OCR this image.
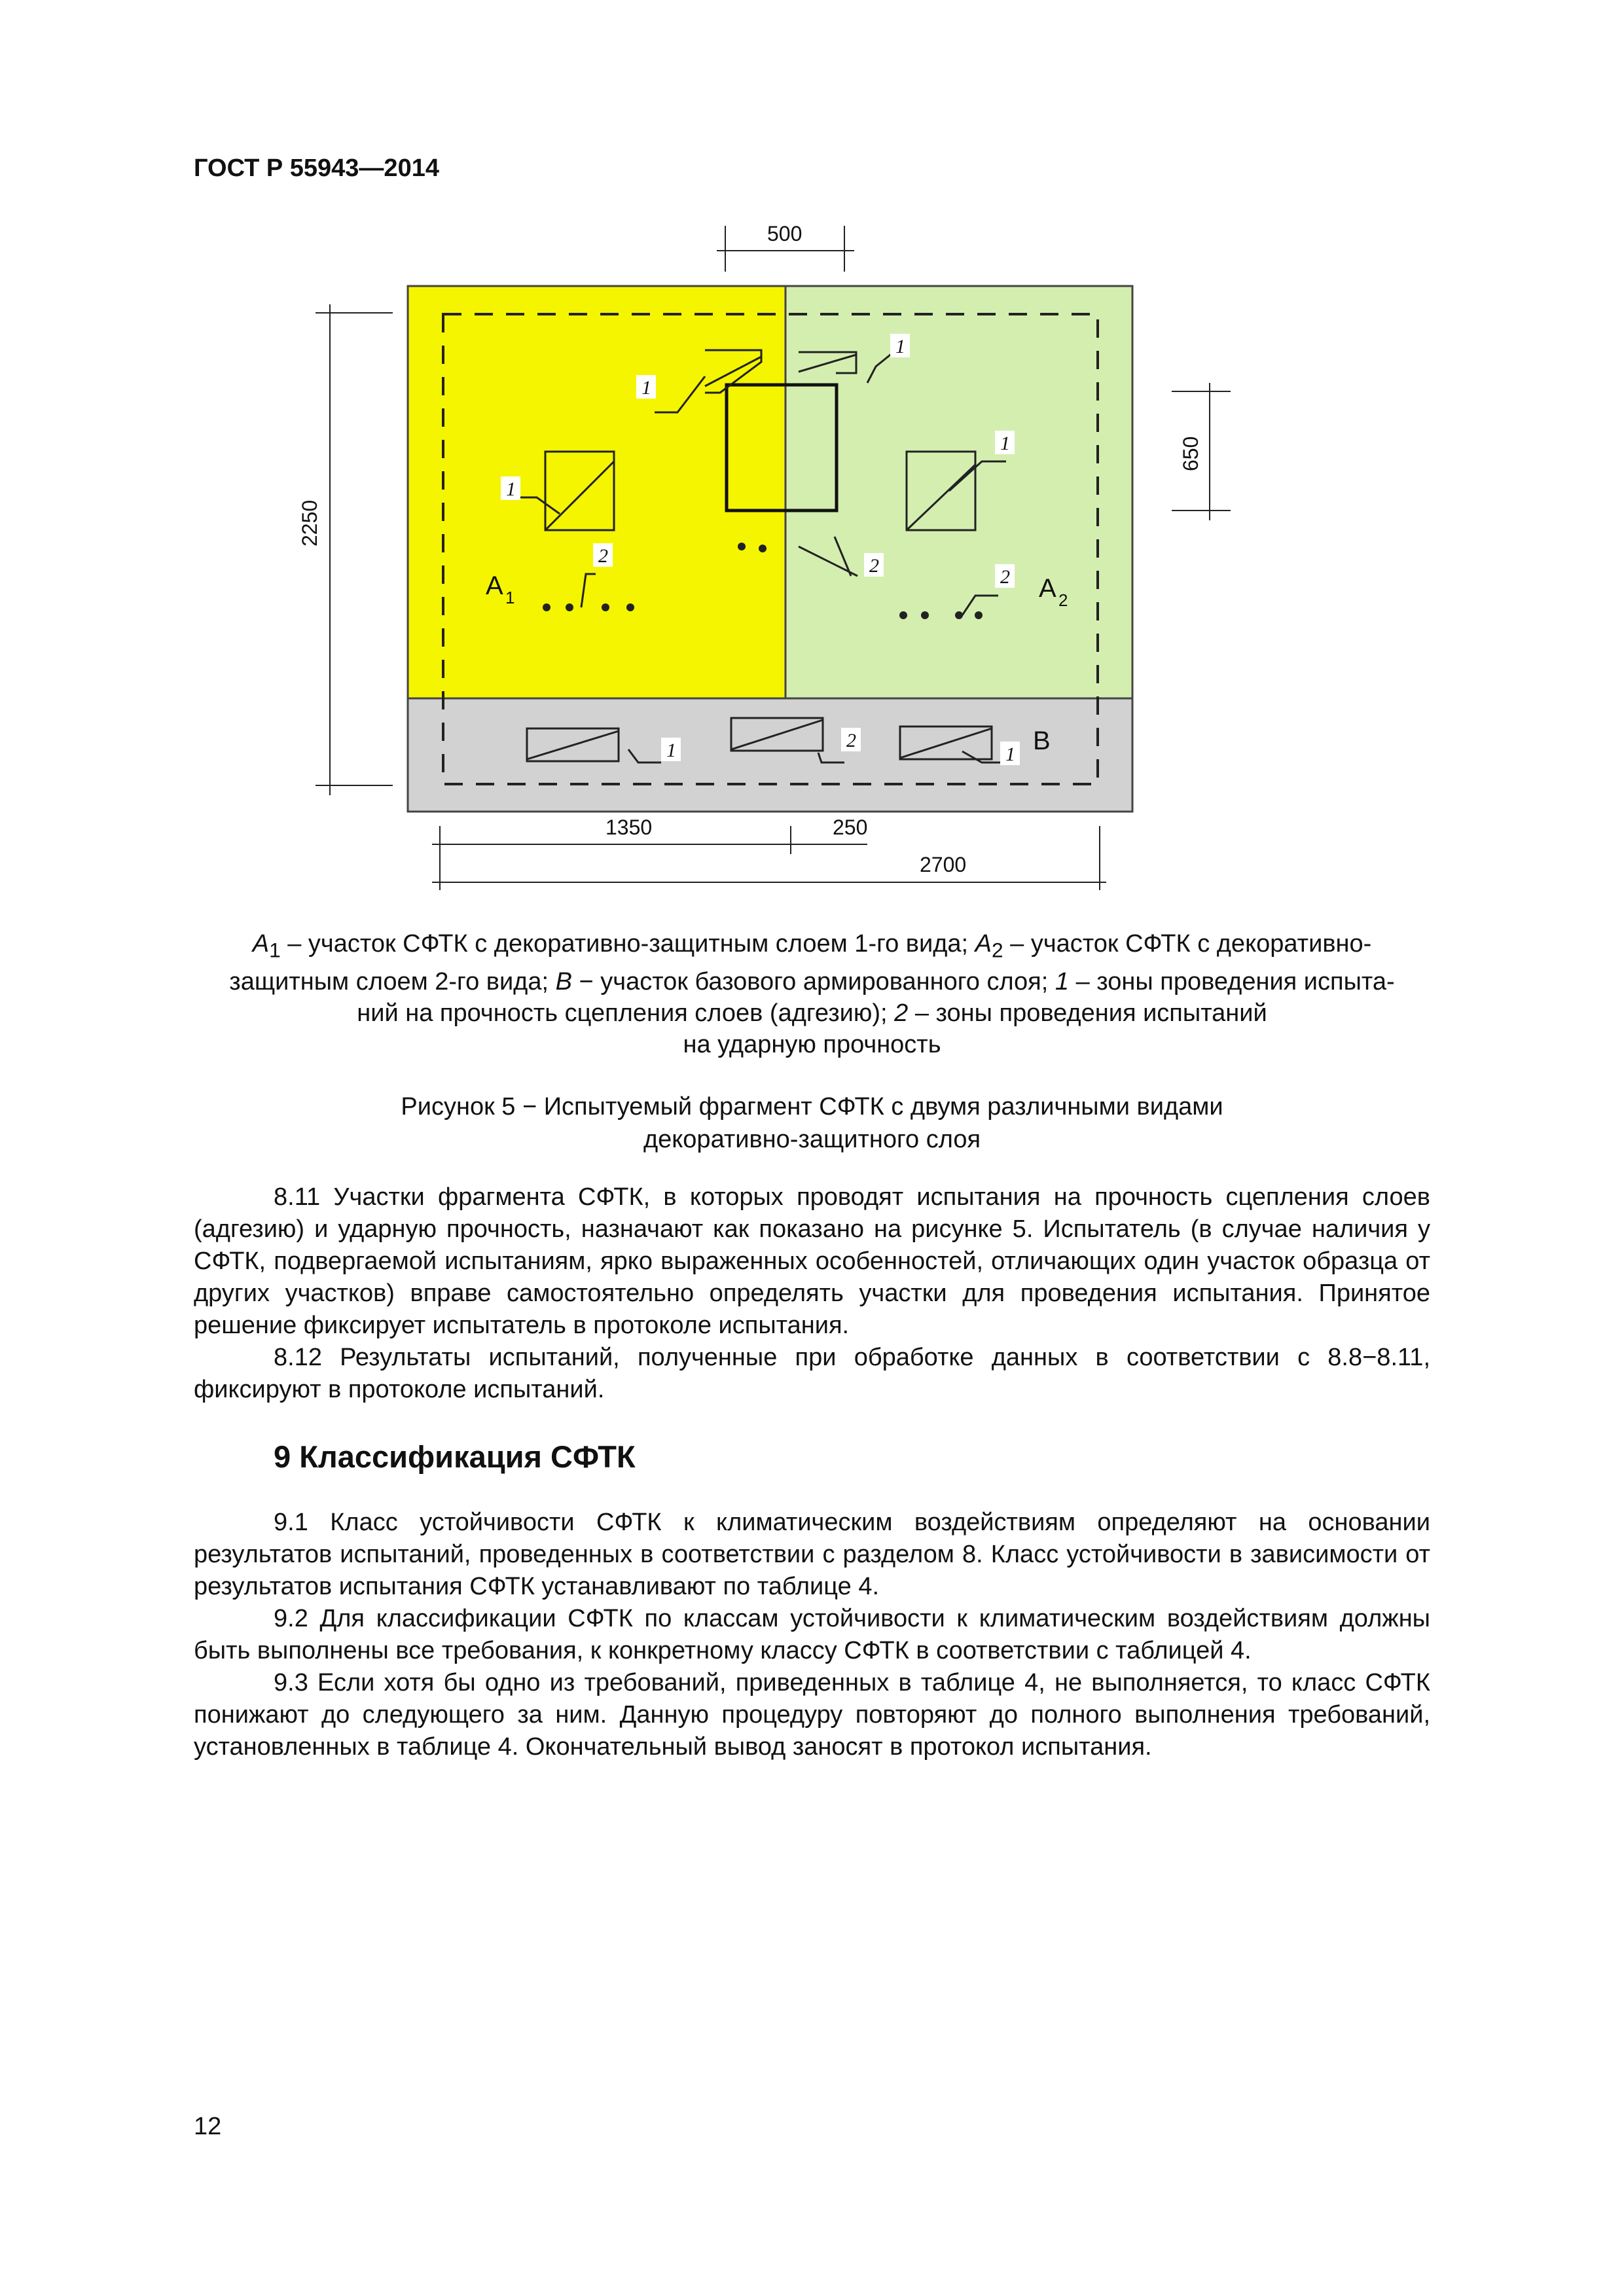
ГОСТ Р 55943—2014
1
1
1
1
2	2
2
1	2
1
A 1	A 2
B
500
2250
650
1350	250
2700

$A_1$ – участок СФТК с декоративно-защитным слоем 1-го вида; $A_2$ – участок СФТК с декоративно-

защитным слоем 2-го вида; B − участок базового армированного слоя; 1 – зоны проведения испыта-

ний на прочность сцепления слоев (адгезию); 2 – зоны проведения испытаний

на ударную прочность

Рисунок 5 − Испытуемый фрагмент СФТК с двумя различными видами
декоративно-защитного слоя

8.11 Участки фрагмента СФТК, в которых проводят испытания на прочность сцепления слоев (адгезию) и ударную прочность, назначают как показано на рисунке 5. Испытатель (в случае наличия у СФТК, подвергаемой испытаниям, ярко выраженных особенностей, отличающих один участок образца от других участков) вправе самостоятельно определять участки для проведения испытания. Принятое решение фиксирует испытатель в протоколе испытания.

8.12 Результаты испытаний, полученные при обработке данных в соответствии с 8.8−8.11, фиксируют в протоколе испытаний.

9 Классификация СФТК

9.1 Класс устойчивости СФТК к климатическим воздействиям определяют на основании результатов испытаний, проведенных в соответствии с разделом 8. Класс устойчивости в зависимости от результатов испытания СФТК устанавливают по таблице 4.

9.2 Для классификации СФТК по классам устойчивости к климатическим воздействиям должны быть выполнены все требования, к конкретному классу СФТК в соответствии с таблицей 4.

9.3 Если хотя бы одно из требований, приведенных в таблице 4, не выполняется, то класс СФТК понижают до следующего за ним. Данную процедуру повторяют до полного выполнения требований, установленных в таблице 4. Окончательный вывод заносят в протокол испытания.

12
